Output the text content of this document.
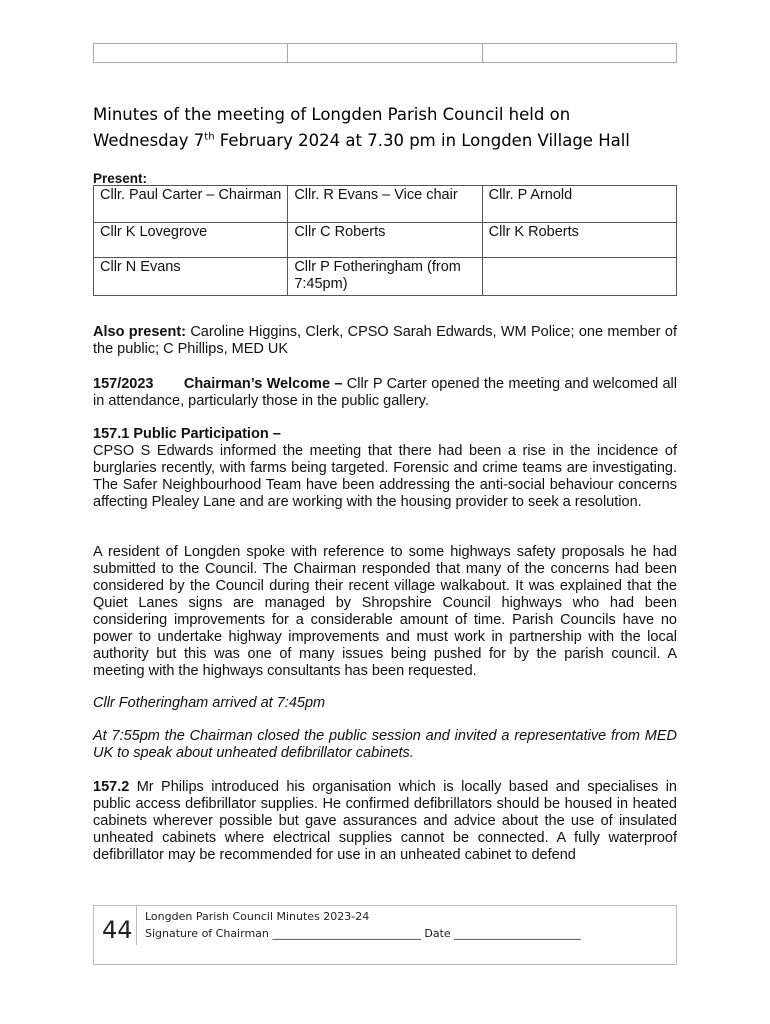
Minutes of the meeting of Longden Parish Council held on
Wednesday 7th February 2024 at 7.30 pm in Longden Village Hall
Present:
Cllr. Paul Carter – Chairman	Cllr. R Evans – Vice chair	Cllr. P Arnold
Cllr K Lovegrove	Cllr C Roberts	Cllr K Roberts
Cllr N Evans	Cllr P Fotheringham (from 7:45pm)	

Also present: Caroline Higgins, Clerk, CPSO Sarah Edwards, WM Police; one member of the public; C Phillips, MED UK

157/2023 Chairman’s Welcome – Cllr P Carter opened the meeting and welcomed all in attendance, particularly those in the public gallery.

157.1 Public Participation –

CPSO S Edwards informed the meeting that there had been a rise in the incidence of burglaries recently, with farms being targeted. Forensic and crime teams are investigating. The Safer Neighbourhood Team have been addressing the anti-social behaviour concerns affecting Plealey Lane and are working with the housing provider to seek a resolution.

A resident of Longden spoke with reference to some highways safety proposals he had submitted to the Council. The Chairman responded that many of the concerns had been considered by the Council during their recent village walkabout. It was explained that the Quiet Lanes signs are managed by Shropshire Council highways who had been considering improvements for a considerable amount of time. Parish Councils have no power to undertake highway improvements and must work in partnership with the local authority but this was one of many issues being pushed for by the parish council. A meeting with the highways consultants has been requested.

Cllr Fotheringham arrived at 7:45pm

At 7:55pm the Chairman closed the public session and invited a representative from MED UK to speak about unheated defibrillator cabinets.

157.2 Mr Philips introduced his organisation which is locally based and specialises in public access defibrillator supplies. He confirmed defibrillators should be housed in heated cabinets wherever possible but gave assurances and advice about the use of insulated unheated cabinets where electrical supplies cannot be connected. A fully waterproof defibrillator may be recommended for use in an unheated cabinet to defend

44 Longden Parish Council Minutes 2023-24
Signature of Chairman ___________________________ Date _______________________
